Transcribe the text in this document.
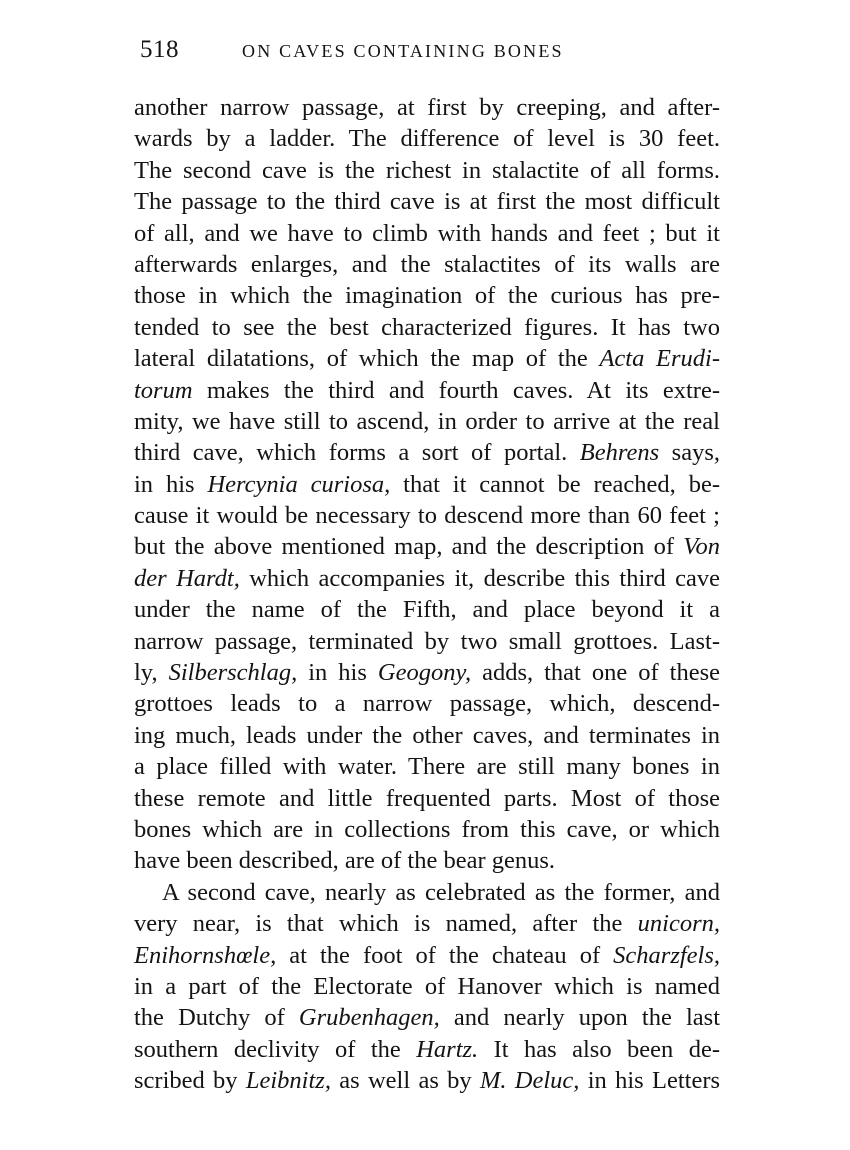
518	ON CAVES CONTAINING BONES
another narrow passage, at first by creeping, and after-
wards by a ladder. The difference of level is 30 feet.
The second cave is the richest in stalactite of all forms.
The passage to the third cave is at first the most difficult
of all, and we have to climb with hands and feet ; but it
afterwards enlarges, and the stalactites of its walls are
those in which the imagination of the curious has pre-
tended to see the best characterized figures. It has two
lateral dilatations, of which the map of the Acta Erudi-
torum makes the third and fourth caves. At its extre-
mity, we have still to ascend, in order to arrive at the real
third cave, which forms a sort of portal. Behrens says,
in his Hercynia curiosa, that it cannot be reached, be-
cause it would be necessary to descend more than 60 feet ;
but the above mentioned map, and the description of Von
der Hardt, which accompanies it, describe this third cave
under the name of the Fifth, and place beyond it a
narrow passage, terminated by two small grottoes. Last-
ly, Silberschlag, in his Geogony, adds, that one of these
grottoes leads to a narrow passage, which, descend-
ing much, leads under the other caves, and terminates in
a place filled with water. There are still many bones in
these remote and little frequented parts. Most of those
bones which are in collections from this cave, or which
have been described, are of the bear genus.
A second cave, nearly as celebrated as the former, and
very near, is that which is named, after the unicorn,
Enihornshœle, at the foot of the chateau of Scharzfels,
in a part of the Electorate of Hanover which is named
the Dutchy of Grubenhagen, and nearly upon the last
southern declivity of the Hartz. It has also been de-
scribed by Leibnitz, as well as by M. Deluc, in his Letters
